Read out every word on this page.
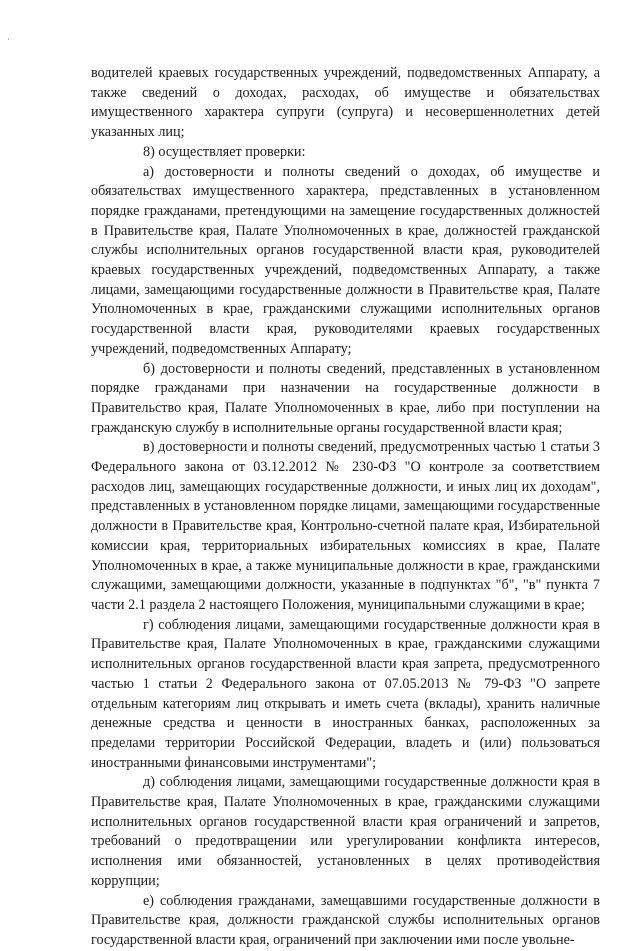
водителей краевых государственных учреждений, подведомственных Аппарату, а также сведений о доходах, расходах, об имуществе и обязательствах имущественного характера супруги (супруга) и несовершеннолетних детей указанных лиц;

8) осуществляет проверки:

а) достоверности и полноты сведений о доходах, об имуществе и обязательствах имущественного характера, представленных в установленном порядке гражданами, претендующими на замещение государственных должностей в Правительстве края, Палате Уполномоченных в крае, должностей гражданской службы исполнительных органов государственной власти края, руководителей краевых государственных учреждений, подведомственных Аппарату, а также лицами, замещающими государственные должности в Правительстве края, Палате Уполномоченных в крае, гражданскими служащими исполнительных органов государственной власти края, руководителями краевых государственных учреждений, подведомственных Аппарату;

б) достоверности и полноты сведений, представленных в установленном порядке гражданами при назначении на государственные должности в Правительство края, Палате Уполномоченных в крае, либо при поступлении на гражданскую службу в исполнительные органы государственной власти края;

в) достоверности и полноты сведений, предусмотренных частью 1 статьи 3 Федерального закона от 03.12.2012 № 230-ФЗ "О контроле за соответствием расходов лиц, замещающих государственные должности, и иных лиц их доходам", представленных в установленном порядке лицами, замещающими государственные должности в Правительстве края, Контрольно-счетной палате края, Избирательной комиссии края, территориальных избирательных комиссиях в крае, Палате Уполномоченных в крае, а также муниципальные должности в крае, гражданскими служащими, замещающими должности, указанные в подпунктах "б", "в" пункта 7 части 2.1 раздела 2 настоящего Положения, муниципальными служащими в крае;

г) соблюдения лицами, замещающими государственные должности края в Правительстве края, Палате Уполномоченных в крае, гражданскими служащими исполнительных органов государственной власти края запрета, предусмотренного частью 1 статьи 2 Федерального закона от 07.05.2013 № 79-ФЗ "О запрете отдельным категориям лиц открывать и иметь счета (вклады), хранить наличные денежные средства и ценности в иностранных банках, расположенных за пределами территории Российской Федерации, владеть и (или) пользоваться иностранными финансовыми инструментами";

д) соблюдения лицами, замещающими государственные должности края в Правительстве края, Палате Уполномоченных в крае, гражданскими служащими исполнительных органов государственной власти края ограничений и запретов, требований о предотвращении или урегулировании конфликта интересов, исполнения ими обязанностей, установленных в целях противодействия коррупции;

е) соблюдения гражданами, замещавшими государственные должности в Правительстве края, должности гражданской службы исполнительных органов государственной власти края, ограничений при заключении ими после увольне-
